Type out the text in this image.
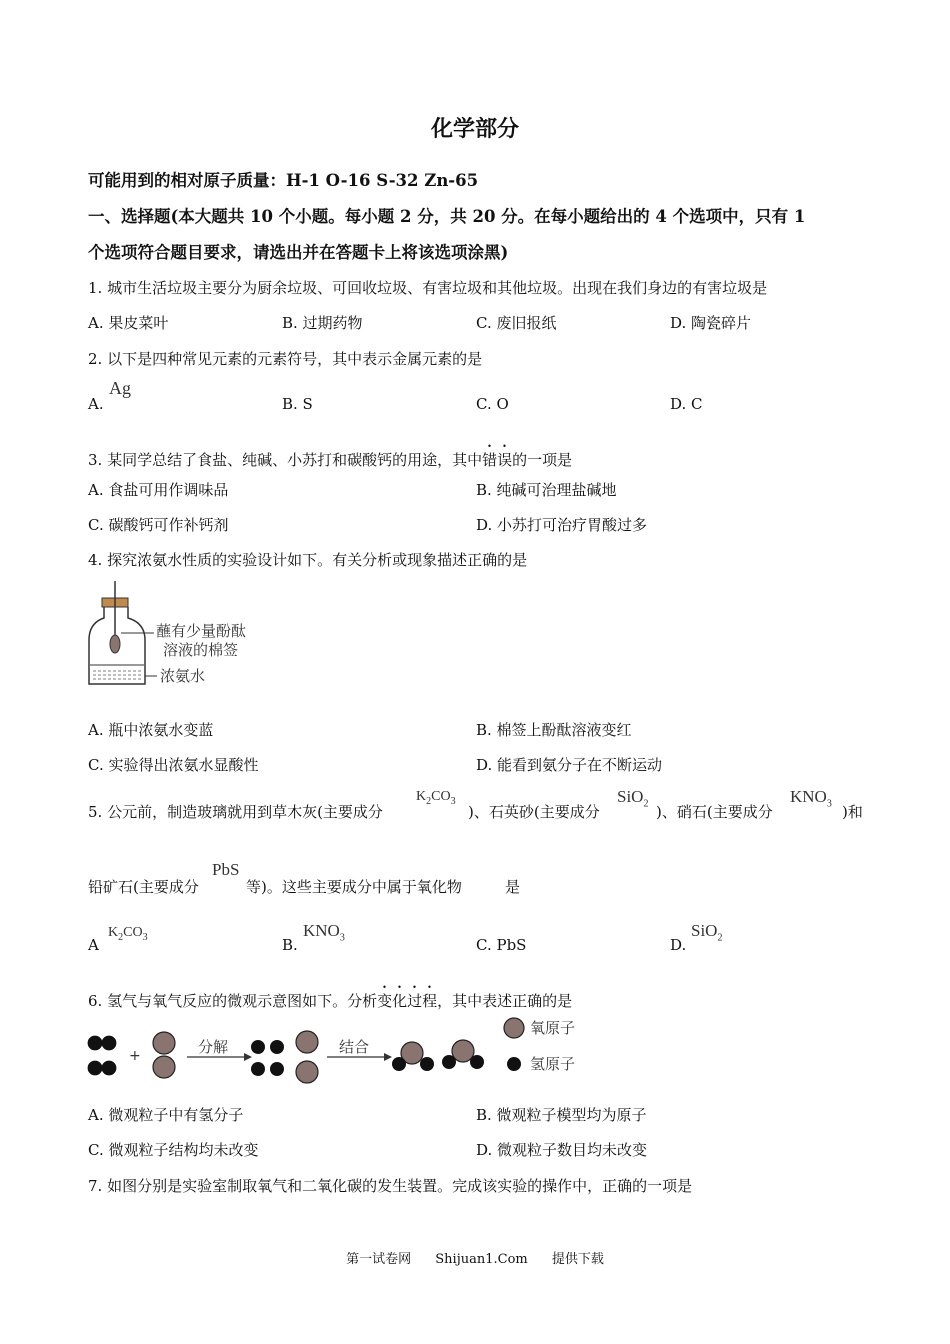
化学部分
可能用到的相对原子质量：H-1 O-16 S-32 Zn-65
一、选择题(本大题共 10 个小题。每小题 2 分，共 20 分。在每小题给出的 4 个选项中，只有 1
个选项符合题目要求，请选出并在答题卡上将该选项涂黑)
1. 城市生活垃圾主要分为厨余垃圾、可回收垃圾、有害垃圾和其他垃圾。出现在我们身边的有害垃圾是
A. 果皮菜叶	B. 过期药物	C. 废旧报纸	D. 陶瓷碎片
2. 以下是四种常见元素的元素符号，其中表示金属元素的是
A.
Ag
B. S	C. O	D. C
3. 某同学总结了食盐、纯碱、小苏打和碳酸钙的用途，其中错误的一项是
A. 食盐可用作调味品	B. 纯碱可治理盐碱地
C. 碳酸钙可作补钙剂	D. 小苏打可治疗胃酸过多
4. 探究浓氨水性质的实验设计如下。有关分析或现象描述正确的是
蘸有少量酚酞
溶液的棉签
浓氨水
A. 瓶中浓氨水变蓝	B. 棉签上酚酞溶液变红
C. 实验得出浓氨水显酸性	D. 能看到氨分子在不断运动
5. 公元前，制造玻璃就用到草木灰(主要成分
$K_2CO_3$
)、石英砂(主要成分
SiO$_2$ )、硝石(主要成分
$KNO_3$ )和
铅矿石(主要成分
PbS
等)。这些主要成分中属于氧化物	是
A
$K_2CO_3$	B.
$KNO_3$	C. PbS	D.
SiO$_2$
6. 氢气与氧气反应的微观示意图如下。分析变化过程，其中表述正确的是
+	分解	结合
氧原子
氢原子
A. 微观粒子中有氢分子	B. 微观粒子模型均为原子
C. 微观粒子结构均未改变	D. 微观粒子数目均未改变
7. 如图分别是实验室制取氧气和二氧化碳的发生装置。完成该实验的操作中，正确的一项是
第一试卷网 Shijuan1.Com 提供下载
